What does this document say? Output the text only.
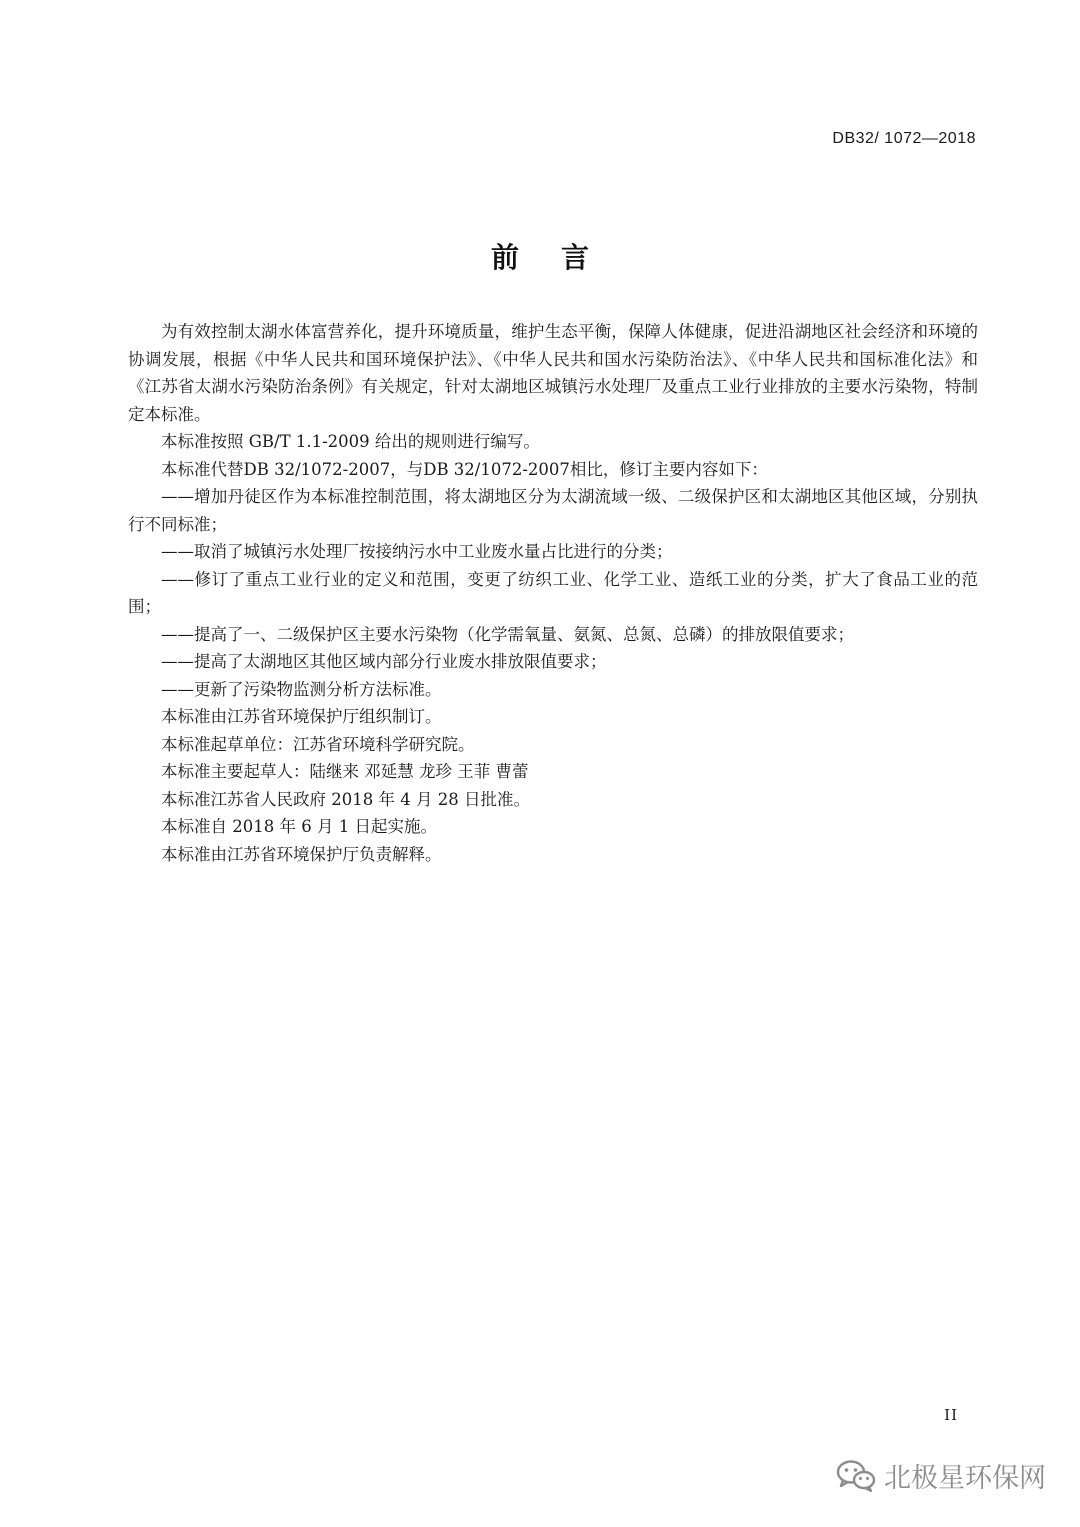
DB32/ 1072—2018
前言

为有效控制太湖水体富营养化，提升环境质量，维护生态平衡，保障人体健康，促进沿湖地区社会经济和环境的协调发展，根据《中华人民共和国环境保护法》、《中华人民共和国水污染防治法》、《中华人民共和国标准化法》和《江苏省太湖水污染防治条例》有关规定，针对太湖地区城镇污水处理厂及重点工业行业排放的主要水污染物，特制定本标准。

本标准按照 GB/T 1.1-2009 给出的规则进行编写。

本标准代替DB 32/1072-2007，与DB 32/1072-2007相比，修订主要内容如下：

——增加丹徒区作为本标准控制范围，将太湖地区分为太湖流域一级、二级保护区和太湖地区其他区域，分别执行不同标准；

——取消了城镇污水处理厂按接纳污水中工业废水量占比进行的分类；

——修订了重点工业行业的定义和范围，变更了纺织工业、化学工业、造纸工业的分类，扩大了食品工业的范围；

——提高了一、二级保护区主要水污染物（化学需氧量、氨氮、总氮、总磷）的排放限值要求；

——提高了太湖地区其他区域内部分行业废水排放限值要求；

——更新了污染物监测分析方法标准。

本标准由江苏省环境保护厅组织制订。

本标准起草单位：江苏省环境科学研究院。

本标准主要起草人：陆继来 邓延慧 龙珍 王菲 曹蕾

本标准江苏省人民政府 2018 年 4 月 28 日批准。

本标准自 2018 年 6 月 1 日起实施。

本标准由江苏省环境保护厅负责解释。

II
北极星环保网
